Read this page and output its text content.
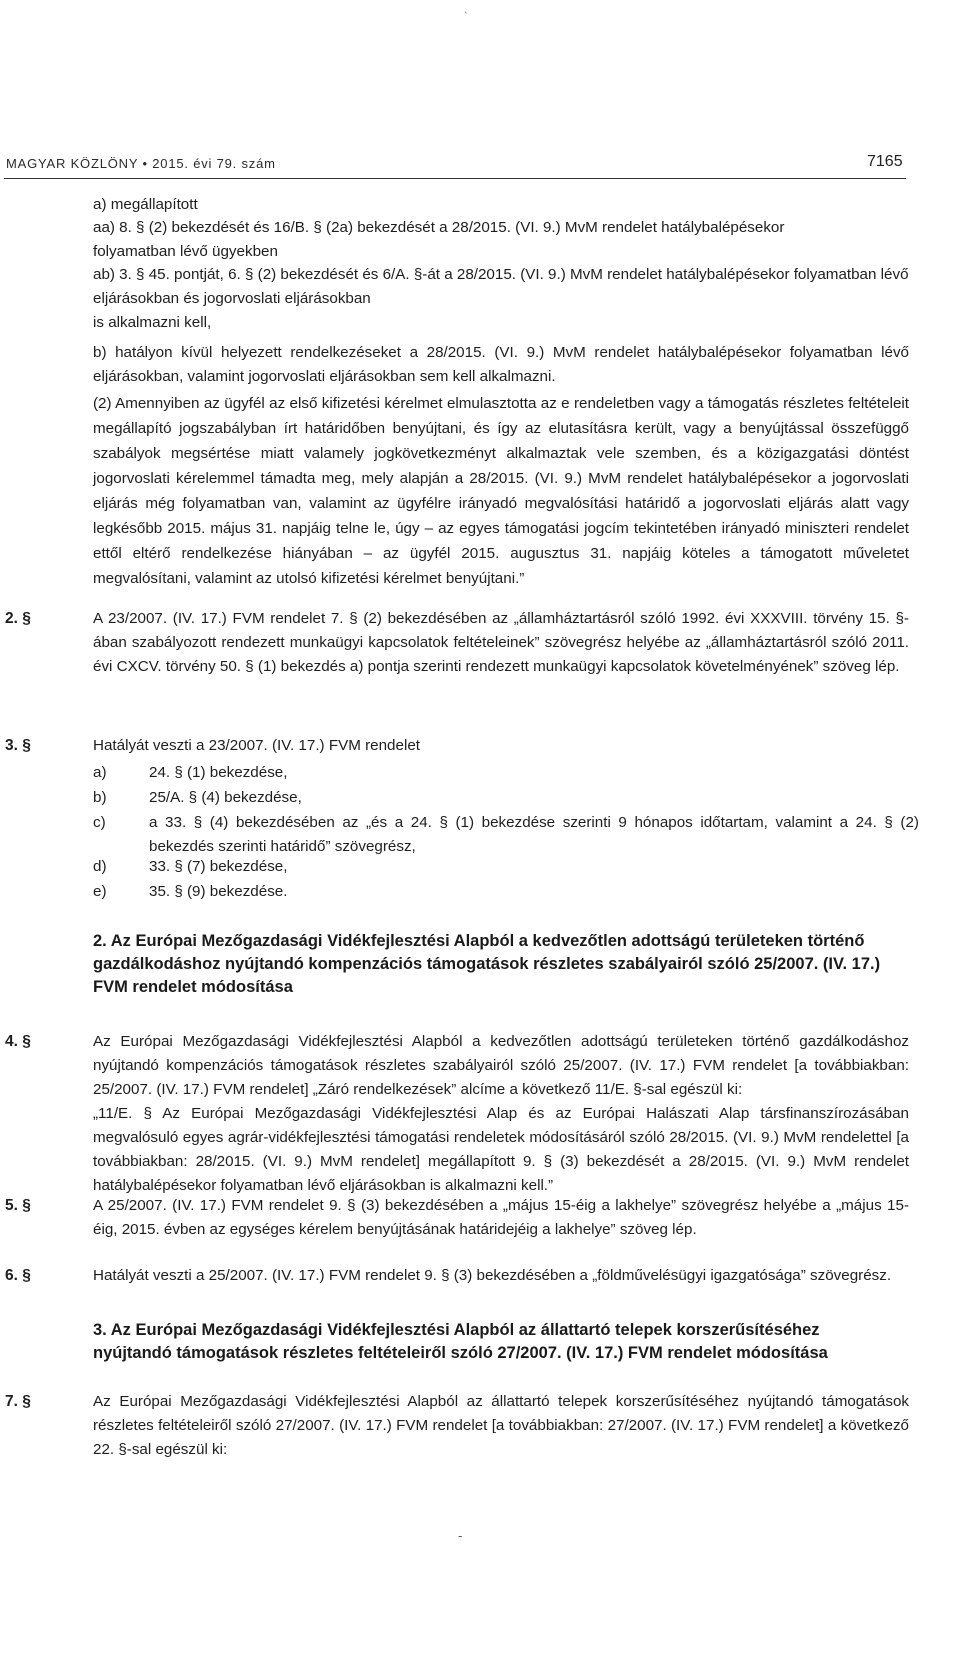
ˎ
MAGYAR KÖZLÖNY • 2015. évi 79. szám	7165

a) megállapított

aa) 8. § (2) bekezdését és 16/B. § (2a) bekezdését a 28/2015. (VI. 9.) MvM rendelet hatálybalépésekor folyamatban lévő ügyekben

ab) 3. § 45. pontját, 6. § (2) bekezdését és 6/A. §-át a 28/2015. (VI. 9.) MvM rendelet hatálybalépésekor folyamatban lévő eljárásokban és jogorvoslati eljárásokban

is alkalmazni kell,

b) hatályon kívül helyezett rendelkezéseket a 28/2015. (VI. 9.) MvM rendelet hatálybalépésekor folyamatban lévő eljárásokban, valamint jogorvoslati eljárásokban sem kell alkalmazni.

(2) Amennyiben az ügyfél az első kifizetési kérelmet elmulasztotta az e rendeletben vagy a támogatás részletes feltételeit megállapító jogszabályban írt határidőben benyújtani, és így az elutasításra került, vagy a benyújtással összefüggő szabályok megsértése miatt valamely jogkövetkezményt alkalmaztak vele szemben, és a közigazgatási döntést jogorvoslati kérelemmel támadta meg, mely alapján a 28/2015. (VI. 9.) MvM rendelet hatálybalépésekor a jogorvoslati eljárás még folyamatban van, valamint az ügyfélre irányadó megvalósítási határidő a jogorvoslati eljárás alatt vagy legkésőbb 2015. május 31. napjáig telne le, úgy – az egyes támogatási jogcím tekintetében irányadó miniszteri rendelet ettől eltérő rendelkezése hiányában – az ügyfél 2015. augusztus 31. napjáig köteles a támogatott műveletet megvalósítani, valamint az utolsó kifizetési kérelmet benyújtani.”

2. §	A 23/2007. (IV. 17.) FVM rendelet 7. § (2) bekezdésében az „államháztartásról szóló 1992. évi XXXVIII. törvény 15. §-ában szabályozott rendezett munkaügyi kapcsolatok feltételeinek” szövegrész helyébe az „államháztartásról szóló 2011. évi CXCV. törvény 50. § (1) bekezdés a) pontja szerinti rendezett munkaügyi kapcsolatok követelményének” szöveg lép.

3. §	Hatályát veszti a 23/2007. (IV. 17.) FVM rendelet

a)	24. § (1) bekezdése,
b)	25/A. § (4) bekezdése,
c)	a 33. § (4) bekezdésében az „és a 24. § (1) bekezdése szerinti 9 hónapos időtartam, valamint a 24. § (2) bekezdés szerinti határidő” szövegrész,
d)	33. § (7) bekezdése,
e)	35. § (9) bekezdése.
2. Az Európai Mezőgazdasági Vidékfejlesztési Alapból a kedvezőtlen adottságú területeken történő gazdálkodáshoz nyújtandó kompenzációs támogatások részletes szabályairól szóló 25/2007. (IV. 17.) FVM rendelet módosítása
4. §	Az Európai Mezőgazdasági Vidékfejlesztési Alapból a kedvezőtlen adottságú területeken történő gazdálkodáshoz nyújtandó kompenzációs támogatások részletes szabályairól szóló 25/2007. (IV. 17.) FVM rendelet [a továbbiakban: 25/2007. (IV. 17.) FVM rendelet] „Záró rendelkezések” alcíme a következő 11/E. §-sal egészül ki:

„11/E. § Az Európai Mezőgazdasági Vidékfejlesztési Alap és az Európai Halászati Alap társfinanszírozásában megvalósuló egyes agrár-vidékfejlesztési támogatási rendeletek módosításáról szóló 28/2015. (VI. 9.) MvM rendelettel [a továbbiakban: 28/2015. (VI. 9.) MvM rendelet] megállapított 9. § (3) bekezdését a 28/2015. (VI. 9.) MvM rendelet hatálybalépésekor folyamatban lévő eljárásokban is alkalmazni kell.”

5. §	A 25/2007. (IV. 17.) FVM rendelet 9. § (3) bekezdésében a „május 15-éig a lakhelye” szövegrész helyébe a „május 15-éig, 2015. évben az egységes kérelem benyújtásának határidejéig a lakhelye” szöveg lép.

6. §	Hatályát veszti a 25/2007. (IV. 17.) FVM rendelet 9. § (3) bekezdésében a „földművelésügyi igazgatósága” szövegrész.

3. Az Európai Mezőgazdasági Vidékfejlesztési Alapból az állattartó telepek korszerűsítéséhez nyújtandó támogatások részletes feltételeiről szóló 27/2007. (IV. 17.) FVM rendelet módosítása
7. §	Az Európai Mezőgazdasági Vidékfejlesztési Alapból az állattartó telepek korszerűsítéséhez nyújtandó támogatások részletes feltételeiről szóló 27/2007. (IV. 17.) FVM rendelet [a továbbiakban: 27/2007. (IV. 17.) FVM rendelet] a következő 22. §-sal egészül ki:

-
